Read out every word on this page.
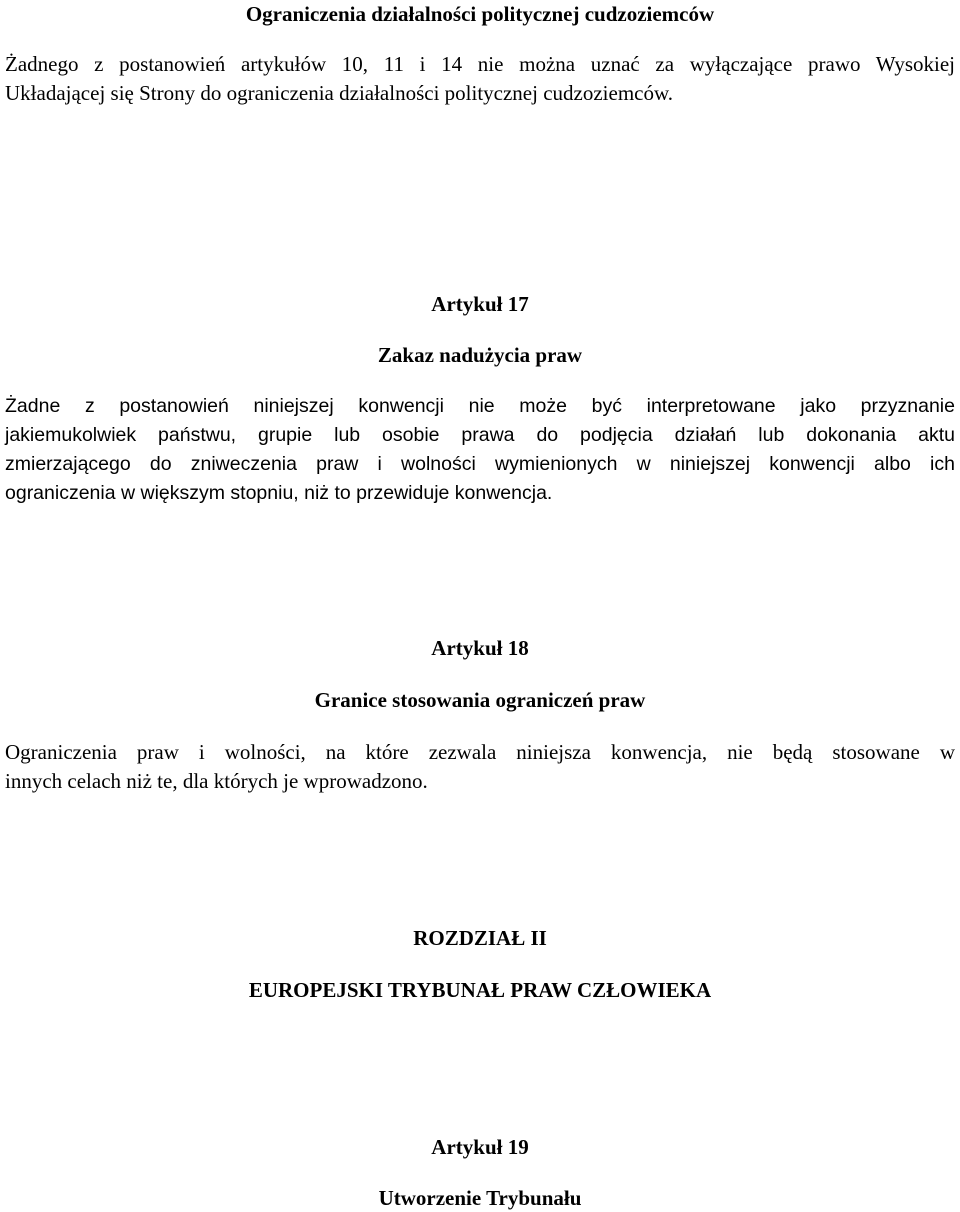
Ograniczenia działalności politycznej cudzoziemców
Żadnego z postanowień artykułów 10, 11 i 14 nie można uznać za wyłączające prawo Wysokiej
Układającej się Strony do ograniczenia działalności politycznej cudzoziemców.
Artykuł 17
Zakaz nadużycia praw
Żadne z postanowień niniejszej konwencji nie może być interpretowane jako przyznanie
jakiemukolwiek państwu, grupie lub osobie prawa do podjęcia działań lub dokonania aktu
zmierzającego do zniweczenia praw i wolności wymienionych w niniejszej konwencji albo ich
ograniczenia w większym stopniu, niż to przewiduje konwencja.
Artykuł 18
Granice stosowania ograniczeń praw
Ograniczenia praw i wolności, na które zezwala niniejsza konwencja, nie będą stosowane w
innych celach niż te, dla których je wprowadzono.
ROZDZIAŁ II
EUROPEJSKI TRYBUNAŁ PRAW CZŁOWIEKA
Artykuł 19
Utworzenie Trybunału
